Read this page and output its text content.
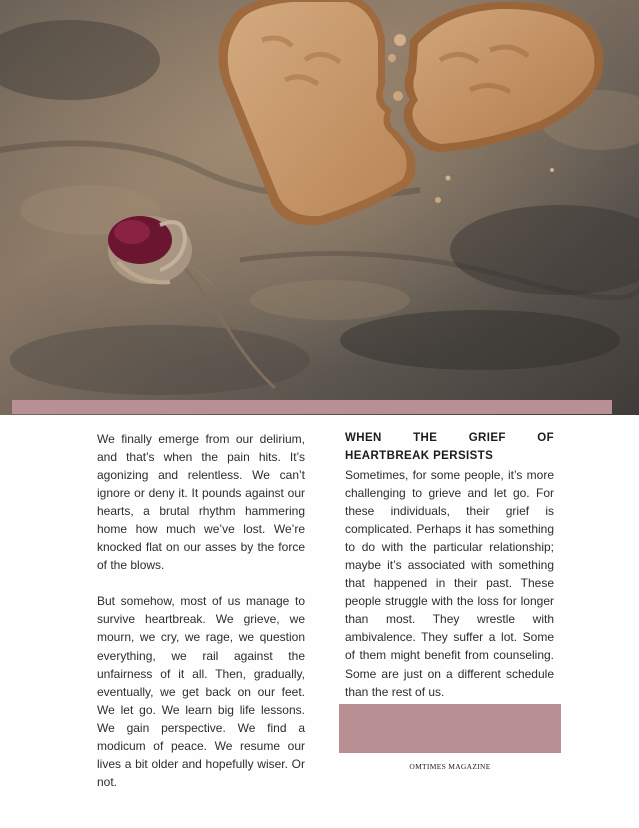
We finally emerge from our delirium, and that’s when the pain hits. It’s agonizing and relentless. We can’t ignore or deny it. It pounds against our hearts, a brutal rhythm hammering home how much we’ve lost. We’re knocked flat on our asses by the force of the blows.

But somehow, most of us manage to survive heartbreak. We grieve, we mourn, we cry, we rage, we question everything, we rail against the unfairness of it all. Then, gradually, eventually, we get back on our feet. We let go. We learn big life lessons. We gain perspective. We find a modicum of peace. We resume our lives a bit older and hopefully wiser. Or not.

WHEN THE GRIEF OF HEARTBREAK PERSISTS

Sometimes, for some people, it’s more challenging to grieve and let go. For these individuals, their grief is complicated. Perhaps it has something to do with the particular relationship; maybe it’s associated with something that happened in their past. These people struggle with the loss for longer than most. They wrestle with ambivalence. They suffer a lot. Some of them might benefit from counseling. Some are just on a different schedule than the rest of us.

OMTIMES MAGAZINE
